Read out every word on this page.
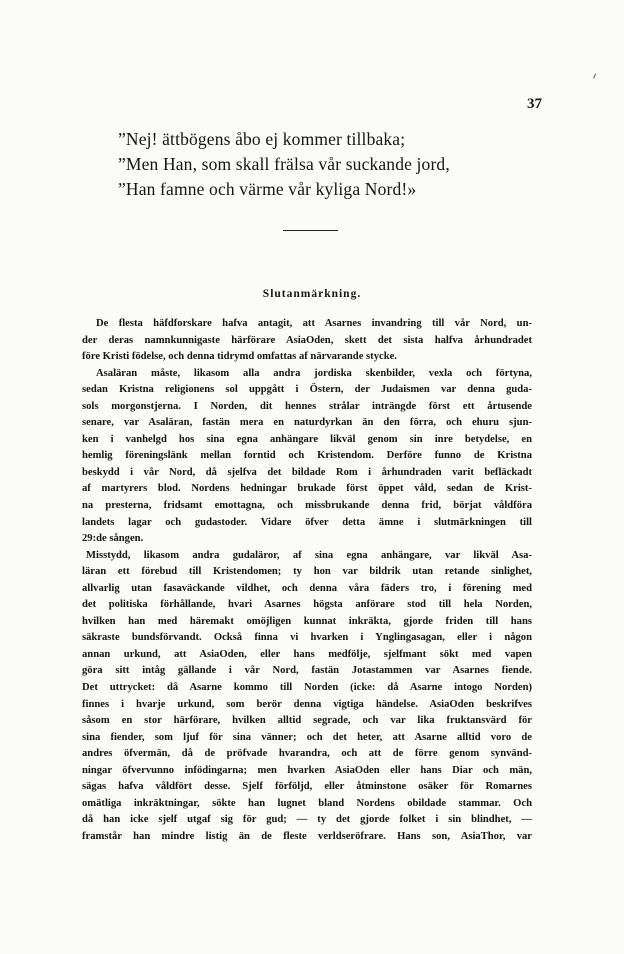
37
”Nej! ättbögens åbo ej kommer tillbaka;
”Men Han, som skall frälsa vår suckande jord,
”Han famne och värme vår kyliga Nord!»
Slutanmärkning.
De flesta häfdforskare hafva antagit, att Asarnes invandring till vår Nord, un-
der deras namnkunnigaste härförare AsiaOden, skett det sista halfva århundradet
före Kristi födelse, och denna tidrymd omfattas af närvarande stycke.
Asaläran måste, likasom alla andra jordiska skenbilder, vexla och förtyna,
sedan Kristna religionens sol uppgått i Östern, der Judaismen var denna guda-
sols morgonstjerna. I Norden, dit hennes strålar inträngde först ett årtusende
senare, var Asaläran, fastän mera en naturdyrkan än den förra, och ehuru sjun-
ken i vanhelgd hos sina egna anhängare likväl genom sin inre betydelse, en
hemlig föreningslänk mellan forntid och Kristendom. Derföre funno de Kristna
beskydd i vår Nord, då sjelfva det bildade Rom i århundraden varit befläckadt
af martyrers blod. Nordens hedningar brukade först öppet våld, sedan de Krist-
na presterna, fridsamt emottagna, och missbrukande denna frid, börjat våldföra
landets lagar och gudastoder. Vidare öfver detta ämne i slutmärkningen till
29:de sången.
Misstydd, likasom andra gudaläror, af sina egna anhängare, var likväl Asa-
läran ett förebud till Kristendomen; ty hon var bildrik utan retande sinlighet,
allvarlig utan fasaväckande vildhet, och denna våra fäders tro, i förening med
det politiska förhållande, hvari Asarnes högsta anförare stod till hela Norden,
hvilken han med häremakt omöjligen kunnat inkräkta, gjorde friden till hans
säkraste bundsförvandt. Också finna vi hvarken i Ynglingasagan, eller i någon
annan urkund, att AsiaOden, eller hans medfölje, sjelfmant sökt med vapen
göra sitt intåg gällande i vår Nord, fastän Jotastammen var Asarnes fiende.
Det uttrycket: då Asarne kommo till Norden (icke: då Asarne intogo Norden)
finnes i hvarje urkund, som berör denna vigtiga händelse. AsiaOden beskrifves
såsom en stor härförare, hvilken alltid segrade, och var lika fruktansvärd för
sina fiender, som ljuf för sina vänner; och det heter, att Asarne alltid voro de
andres öfvermän, då de pröfvade hvarandra, och att de förre genom synvänd-
ningar öfvervunno infödingarna; men hvarken AsiaOden eller hans Diar och män,
sägas hafva våldfört desse. Sjelf förföljd, eller åtminstone osäker för Romarnes
omätliga inkräktningar, sökte han lugnet bland Nordens obildade stammar. Och
då han icke sjelf utgaf sig för gud; — ty det gjorde folket i sin blindhet, —
framstår han mindre listig än de fleste verldseröfrare. Hans son, AsiaThor, var
